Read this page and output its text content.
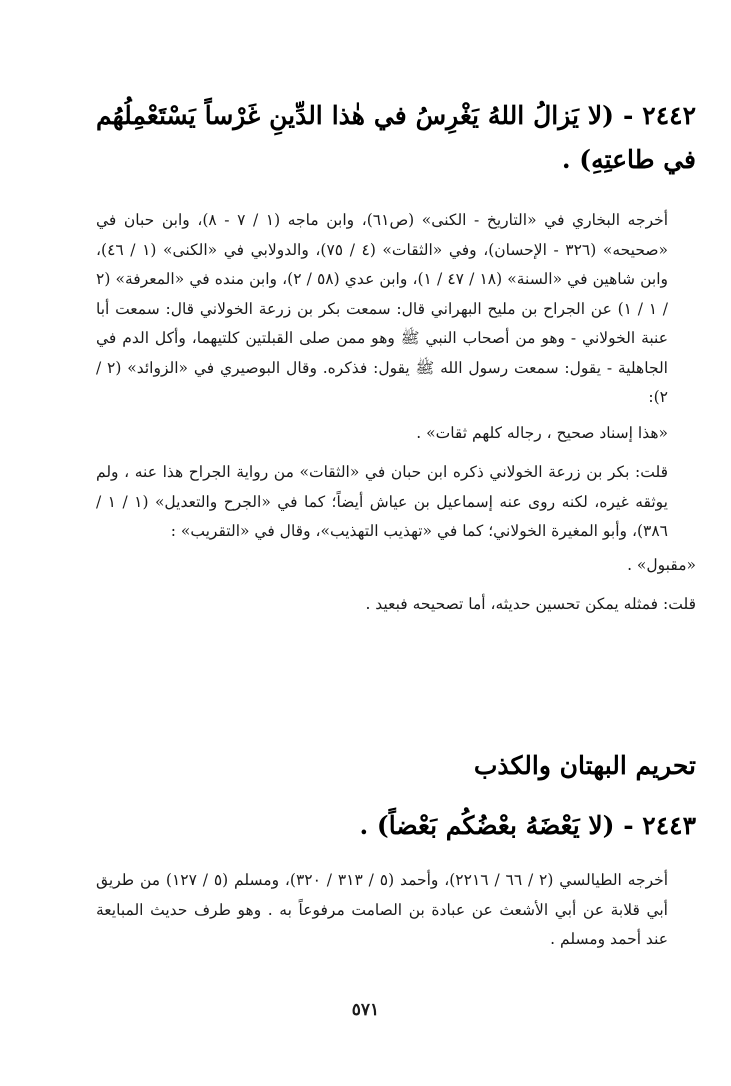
٢٤٤٢ - (لا يَزالُ اللهُ يَغْرِسُ في هٰذا الدِّينِ غَرْساً يَسْتَعْمِلُهُم في طاعتِهِ) .

أخرجه البخاري في «التاريخ - الكنى» (ص٦١)، وابن ماجه (١ / ٧ - ٨)، وابن حبان في «صحيحه» (٣٢٦ - الإحسان)، وفي «الثقات» (٤ / ٧٥)، والدولابي في «الكنى» (١ / ٤٦)، وابن شاهين في «السنة» (١٨ / ٤٧ / ١)، وابن عدي (٥٨ / ٢)، وابن منده في «المعرفة» (٢ / ١ / ١) عن الجراح بن مليح البهراني قال: سمعت بكر بن زرعة الخولاني قال: سمعت أبا عنبة الخولاني - وهو من أصحاب النبي ﷺ وهو ممن صلى القبلتين كلتيهما، وأكل الدم في الجاهلية - يقول: سمعت رسول الله ﷺ يقول: فذكره. وقال البوصيري في «الزوائد» (٢ / ٢):

«هذا إسناد صحيح ، رجاله كلهم ثقات» .

قلت: بكر بن زرعة الخولاني ذكره ابن حبان في «الثقات» من رواية الجراح هذا عنه ، ولم يوثقه غيره، لكنه روى عنه إسماعيل بن عياش أيضاً؛ كما في «الجرح والتعديل» (١ / ١ / ٣٨٦)، وأبو المغيرة الخولاني؛ كما في «تهذيب التهذيب»، وقال في «التقريب» :

«مقبول» .

قلت: فمثله يمكن تحسين حديثه، أما تصحيحه فبعيد .

تحريم البهتان والكذب
٢٤٤٣ - (لا يَعْضَهُ بعْضُكُم بَعْضاً) .

أخرجه الطيالسي (٢ / ٦٦ / ٢٢١٦)، وأحمد (٥ / ٣١٣ / ٣٢٠)، ومسلم (٥ / ١٢٧) من طريق أبي قلابة عن أبي الأشعث عن عبادة بن الصامت مرفوعاً به . وهو طرف حديث المبايعة عند أحمد ومسلم .

٥٧١
